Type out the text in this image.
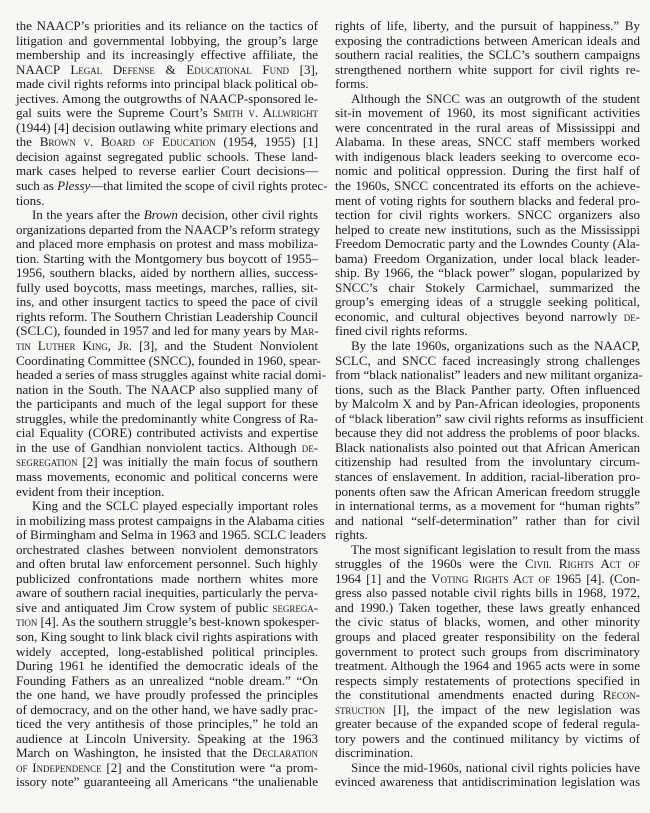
the NAACP’s priorities and its reliance on the tactics of
litigation and governmental lobbying, the group’s large
membership and its increasingly effective affiliate, the
NAACP Legal Defense & Educational Fund [3],
made civil rights reforms into principal black political ob-
jectives. Among the outgrowths of NAACP-sponsored le-
gal suits were the Supreme Court’s Smith v. Allwright
(1944) [4] decision outlawing white primary elections and
the Brown v. Board of Education (1954, 1955) [1]
decision against segregated public schools. These land-
mark cases helped to reverse earlier Court decisions—
such as Plessy—that limited the scope of civil rights protec-
tions.
In the years after the Brown decision, other civil rights
organizations departed from the NAACP’s reform strategy
and placed more emphasis on protest and mass mobiliza-
tion. Starting with the Montgomery bus boycott of 1955–
1956, southern blacks, aided by northern allies, success-
fully used boycotts, mass meetings, marches, rallies, sit-
ins, and other insurgent tactics to speed the pace of civil
rights reform. The Southern Christian Leadership Council
(SCLC), founded in 1957 and led for many years by Mar-
tin Luther King, Jr. [3], and the Student Nonviolent
Coordinating Committee (SNCC), founded in 1960, spear-
headed a series of mass struggles against white racial domi-
nation in the South. The NAACP also supplied many of
the participants and much of the legal support for these
struggles, while the predominantly white Congress of Ra-
cial Equality (CORE) contributed activists and expertise
in the use of Gandhian nonviolent tactics. Although de-
segregation [2] was initially the main focus of southern
mass movements, economic and political concerns were
evident from their inception.
King and the SCLC played especially important roles
in mobilizing mass protest campaigns in the Alabama cities
of Birmingham and Selma in 1963 and 1965. SCLC leaders
orchestrated clashes between nonviolent demonstrators
and often brutal law enforcement personnel. Such highly
publicized confrontations made northern whites more
aware of southern racial inequities, particularly the perva-
sive and antiquated Jim Crow system of public segrega-
tion [4]. As the southern struggle’s best-known spokesper-
son, King sought to link black civil rights aspirations with
widely accepted, long-established political principles.
During 1961 he identified the democratic ideals of the
Founding Fathers as an unrealized “noble dream.” “On
the one hand, we have proudly professed the principles
of democracy, and on the other hand, we have sadly prac-
ticed the very antithesis of those principles,” he told an
audience at Lincoln University. Speaking at the 1963
March on Washington, he insisted that the Declaration
of Independence [2] and the Constitution were “a prom-
issory note” guaranteeing all Americans “the unalienable
rights of life, liberty, and the pursuit of happiness.” By
exposing the contradictions between American ideals and
southern racial realities, the SCLC’s southern campaigns
strengthened northern white support for civil rights re-
forms.
Although the SNCC was an outgrowth of the student
sit-in movement of 1960, its most significant activities
were concentrated in the rural areas of Mississippi and
Alabama. In these areas, SNCC staff members worked
with indigenous black leaders seeking to overcome eco-
nomic and political oppression. During the first half of
the 1960s, SNCC concentrated its efforts on the achieve-
ment of voting rights for southern blacks and federal pro-
tection for civil rights workers. SNCC organizers also
helped to create new institutions, such as the Mississippi
Freedom Democratic party and the Lowndes County (Ala-
bama) Freedom Organization, under local black leader-
ship. By 1966, the “black power” slogan, popularized by
SNCC’s chair Stokely Carmichael, summarized the
group’s emerging ideas of a struggle seeking political,
economic, and cultural objectives beyond narrowly de-
fined civil rights reforms.
By the late 1960s, organizations such as the NAACP,
SCLC, and SNCC faced increasingly strong challenges
from “black nationalist” leaders and new militant organiza-
tions, such as the Black Panther party. Often influenced
by Malcolm X and by Pan-African ideologies, proponents
of “black liberation” saw civil rights reforms as insufficient
because they did not address the problems of poor blacks.
Black nationalists also pointed out that African American
citizenship had resulted from the involuntary circum-
stances of enslavement. In addition, racial-liberation pro-
ponents often saw the African American freedom struggle
in international terms, as a movement for “human rights”
and national “self-determination” rather than for civil
rights.
The most significant legislation to result from the mass
struggles of the 1960s were the Civil Rights Act of
1964 [1] and the Voting Rights Act of 1965 [4]. (Con-
gress also passed notable civil rights bills in 1968, 1972,
and 1990.) Taken together, these laws greatly enhanced
the civic status of blacks, women, and other minority
groups and placed greater responsibility on the federal
government to protect such groups from discriminatory
treatment. Although the 1964 and 1965 acts were in some
respects simply restatements of protections specified in
the constitutional amendments enacted during Recon-
struction [I], the impact of the new legislation was
greater because of the expanded scope of federal regula-
tory powers and the continued militancy by victims of
discrimination.
Since the mid-1960s, national civil rights policies have
evinced awareness that antidiscrimination legislation was
